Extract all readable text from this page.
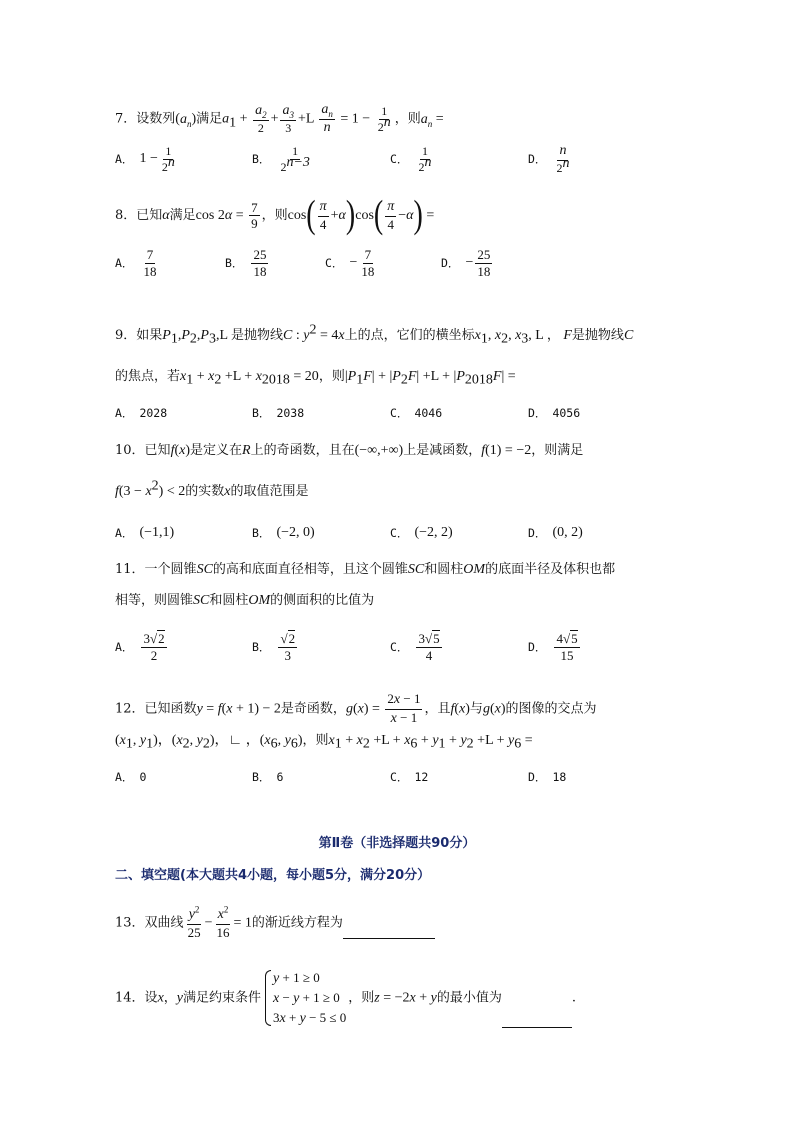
7．设数列$(a_n)$满足$a_1 + \frac{a_2}{2} + \frac{a_3}{3} +L \frac{a_n}{n} = 1 - \frac{1}{2^n}$ ，则$a_n$ =
A． $1 - \frac{1}{2^n}$	B． $\frac{1}{2^{n-3}}$	C． $\frac{1}{2^n}$	D． $\frac{n}{2^n}$
8．已知α满足$\cos 2\alpha = \frac{7}{9}$ ，则$\cos( \frac{\pi}{4} +\alpha)\cos( \frac{\pi}{4} -\alpha)$ =
A． $\frac{7}{18}$	B． $\frac{25}{18}$	C． − $\frac{7}{18}$	D． − $\frac{25}{18}$
9．如果$P_1,P_2,P_3,L$ 是抛物线C : $y^2 = 4x$上的点，它们的横坐标$x_1$, $x_2$, $x_3$, L ， F是抛物线C
的焦点，若$x_1 + x_2 +L + x_{2018} = 20$，则$|P_1F| + |P_2F| +L + |P_{2018}F|$ =
A． 2028	B． 2038	C． 4046	D． 4056
10．已知f(x)是定义在R上的奇函数，且在(−∞,+∞)上是减函数，f(1) = −2，则满足
$f(3 - x^2) < 2$的实数x的取值范围是
A． (−1,1)	B． (−2, 0)	C． (−2, 2)	D． (0, 2)
11．一个圆锥SC的高和底面直径相等，且这个圆锥SC和圆柱OM的底面半径及体积也都
相等，则圆锥SC和圆柱OM的侧面积的比值为
A． $\frac{3√2}{2}$	B． $\frac{√2}{3}$	C． $\frac{3√5}{4}$	D． $\frac{4√5}{15}$
12．已知函数y = f(x + 1) − 2是奇函数，$g(x) = \frac{2x - 1}{x - 1}$ ，且f(x)与g(x)的图像的交点为
($x_1$, $y_1$)，($x_2$, $y_2$)，∟ ，($x_6$, $y_6$)，则$x_1 + x_2 +L + x_6 + y_1 + y_2 +L + y_6$ =
A． 0	B． 6	C． 12	D． 18
第Ⅱ卷（非选择题共90分）
二、填空题(本大题共4小题，每小题5分，满分20分）
13．双曲线 $\frac{y^2}{25} - \frac{x^2}{16} = 1$的渐近线方程为
14．设x，y满足约束条件
y + 1 ≥ 0
x − y + 1 ≥ 0
3x + y − 5 ≤ 0
，则z = −2x + y的最小值为	.
